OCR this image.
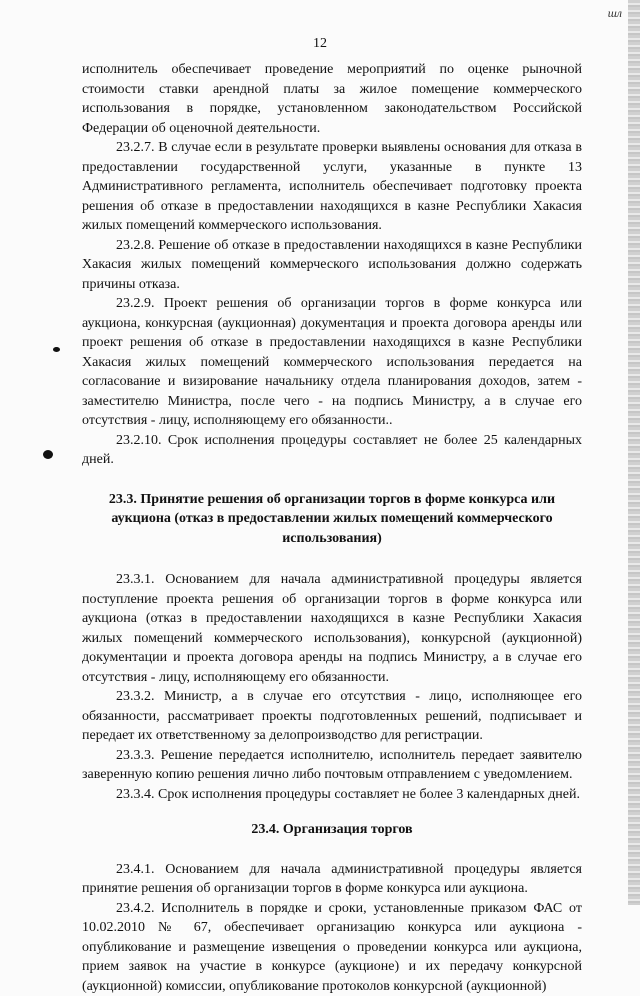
шл
12

исполнитель обеспечивает проведение мероприятий по оценке рыночной стоимости ставки арендной платы за жилое помещение коммерческого использования в порядке, установленном законодательством Российской Федерации об оценочной деятельности.

23.2.7. В случае если в результате проверки выявлены основания для отказа в предоставлении государственной услуги, указанные в пункте 13 Административного регламента, исполнитель обеспечивает подготовку проекта решения об отказе в предоставлении находящихся в казне Республики Хакасия жилых помещений коммерческого использования.

23.2.8. Решение об отказе в предоставлении находящихся в казне Республики Хакасия жилых помещений коммерческого использования должно содержать причины отказа.

23.2.9. Проект решения об организации торгов в форме конкурса или аукциона, конкурсная (аукционная) документация и проекта договора аренды или проект решения об отказе в предоставлении находящихся в казне Республики Хакасия жилых помещений коммерческого использования передается на согласование и визирование начальнику отдела планирования доходов, затем - заместителю Министра, после чего - на подпись Министру, а в случае его отсутствия - лицу, исполняющему его обязанности..

23.2.10. Срок исполнения процедуры составляет не более 25 календарных дней.

23.3. Принятие решения об организации торгов в форме конкурса или аукциона (отказ в предоставлении жилых помещений коммерческого использования)

23.3.1. Основанием для начала административной процедуры является поступление проекта решения об организации торгов в форме конкурса или аукциона (отказ в предоставлении находящихся в казне Республики Хакасия жилых помещений коммерческого использования), конкурсной (аукционной) документации и проекта договора аренды на подпись Министру, а в случае его отсутствия - лицу, исполняющему его обязанности.

23.3.2. Министр, а в случае его отсутствия - лицо, исполняющее его обязанности, рассматривает проекты подготовленных решений, подписывает и передает их ответственному за делопроизводство для регистрации.

23.3.3. Решение передается исполнителю, исполнитель передает заявителю заверенную копию решения лично либо почтовым отправлением с уведомлением.

23.3.4. Срок исполнения процедуры составляет не более 3 календарных дней.

23.4. Организация торгов

23.4.1. Основанием для начала административной процедуры является принятие решения об организации торгов в форме конкурса или аукциона.

23.4.2. Исполнитель в порядке и сроки, установленные приказом ФАС от 10.02.2010 № 67, обеспечивает организацию конкурса или аукциона - опубликование и размещение извещения о проведении конкурса или аукциона, прием заявок на участие в конкурсе (аукционе) и их передачу конкурсной (аукционной) комиссии, опубликование протоколов конкурсной (аукционной)
